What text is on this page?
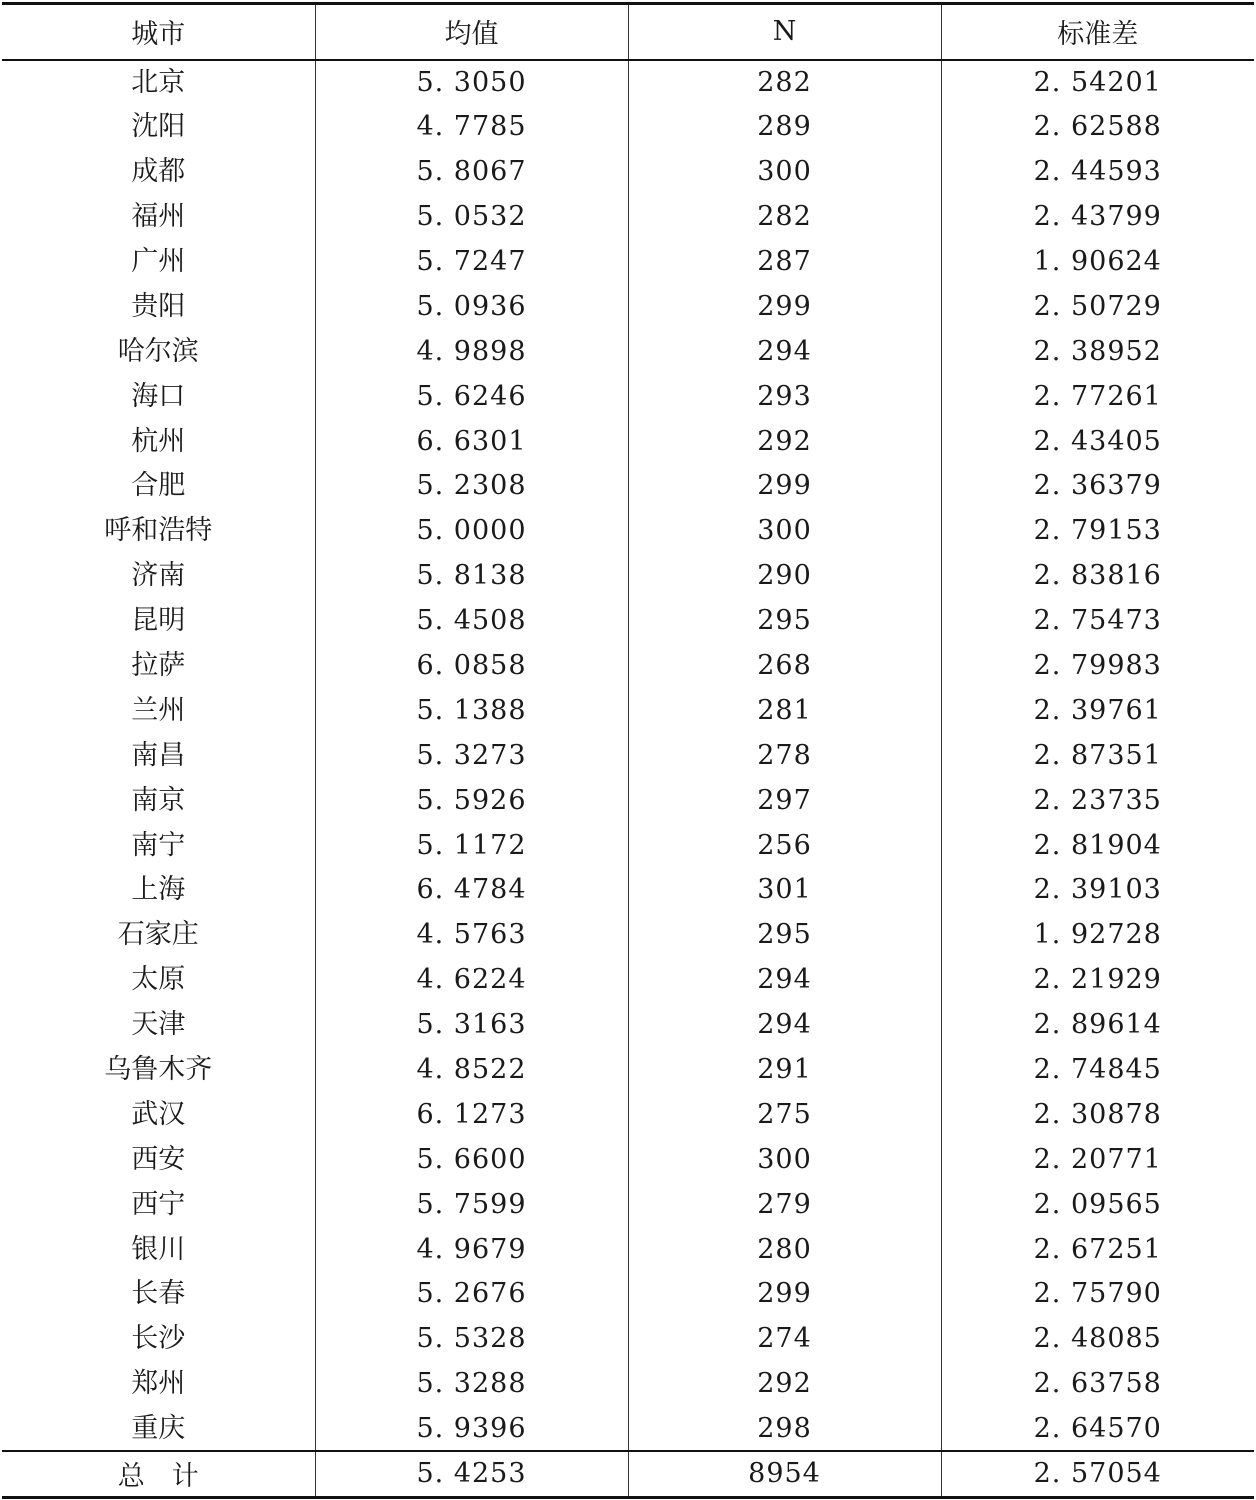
城市	均值	N	标准差
北京	5. 3050	282	2. 54201
沈阳	4. 7785	289	2. 62588
成都	5. 8067	300	2. 44593
福州	5. 0532	282	2. 43799
广州	5. 7247	287	1. 90624
贵阳	5. 0936	299	2. 50729
哈尔滨	4. 9898	294	2. 38952
海口	5. 6246	293	2. 77261
杭州	6. 6301	292	2. 43405
合肥	5. 2308	299	2. 36379
呼和浩特	5. 0000	300	2. 79153
济南	5. 8138	290	2. 83816
昆明	5. 4508	295	2. 75473
拉萨	6. 0858	268	2. 79983
兰州	5. 1388	281	2. 39761
南昌	5. 3273	278	2. 87351
南京	5. 5926	297	2. 23735
南宁	5. 1172	256	2. 81904
上海	6. 4784	301	2. 39103
石家庄	4. 5763	295	1. 92728
太原	4. 6224	294	2. 21929
天津	5. 3163	294	2. 89614
乌鲁木齐	4. 8522	291	2. 74845
武汉	6. 1273	275	2. 30878
西安	5. 6600	300	2. 20771
西宁	5. 7599	279	2. 09565
银川	4. 9679	280	2. 67251
长春	5. 2676	299	2. 75790
长沙	5. 5328	274	2. 48085
郑州	5. 3288	292	2. 63758
重庆	5. 9396	298	2. 64570
总　计	5. 4253	8954	2. 57054
